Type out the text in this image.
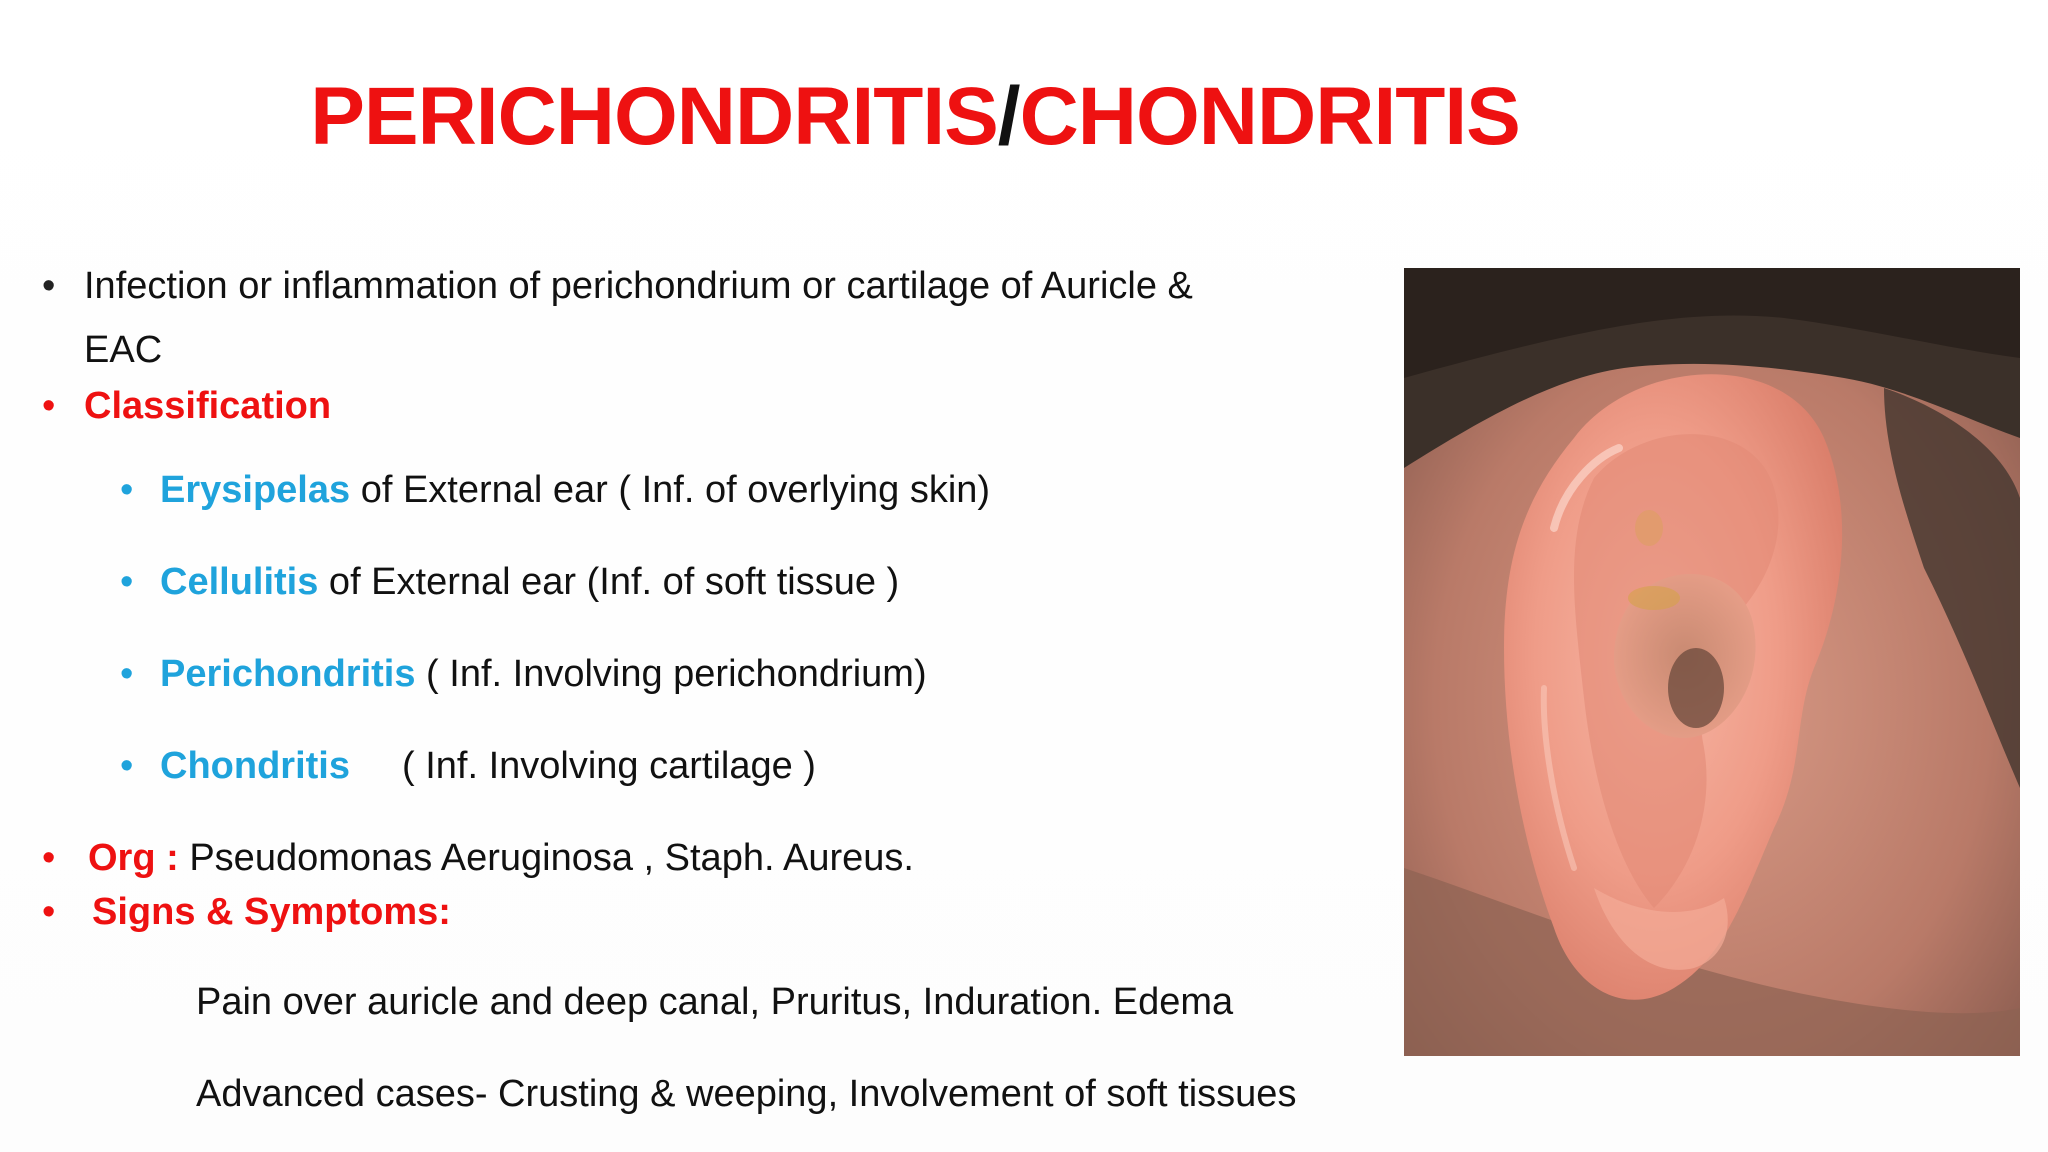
PERICHONDRITIS/CHONDRITIS
• Infection or inflammation of perichondrium or cartilage of Auricle &
EAC
• Classification
• Erysipelas of External ear ( Inf. of overlying skin)
• Cellulitis of External ear (Inf. of soft tissue )
• Perichondritis ( Inf. Involving perichondrium)
• Chondritis ( Inf. Involving cartilage )
• Org : Pseudomonas Aeruginosa , Staph. Aureus.
• Signs & Symptoms:
Pain over auricle and deep canal, Pruritus, Induration. Edema
Advanced cases- Crusting & weeping, Involvement of soft tissues
